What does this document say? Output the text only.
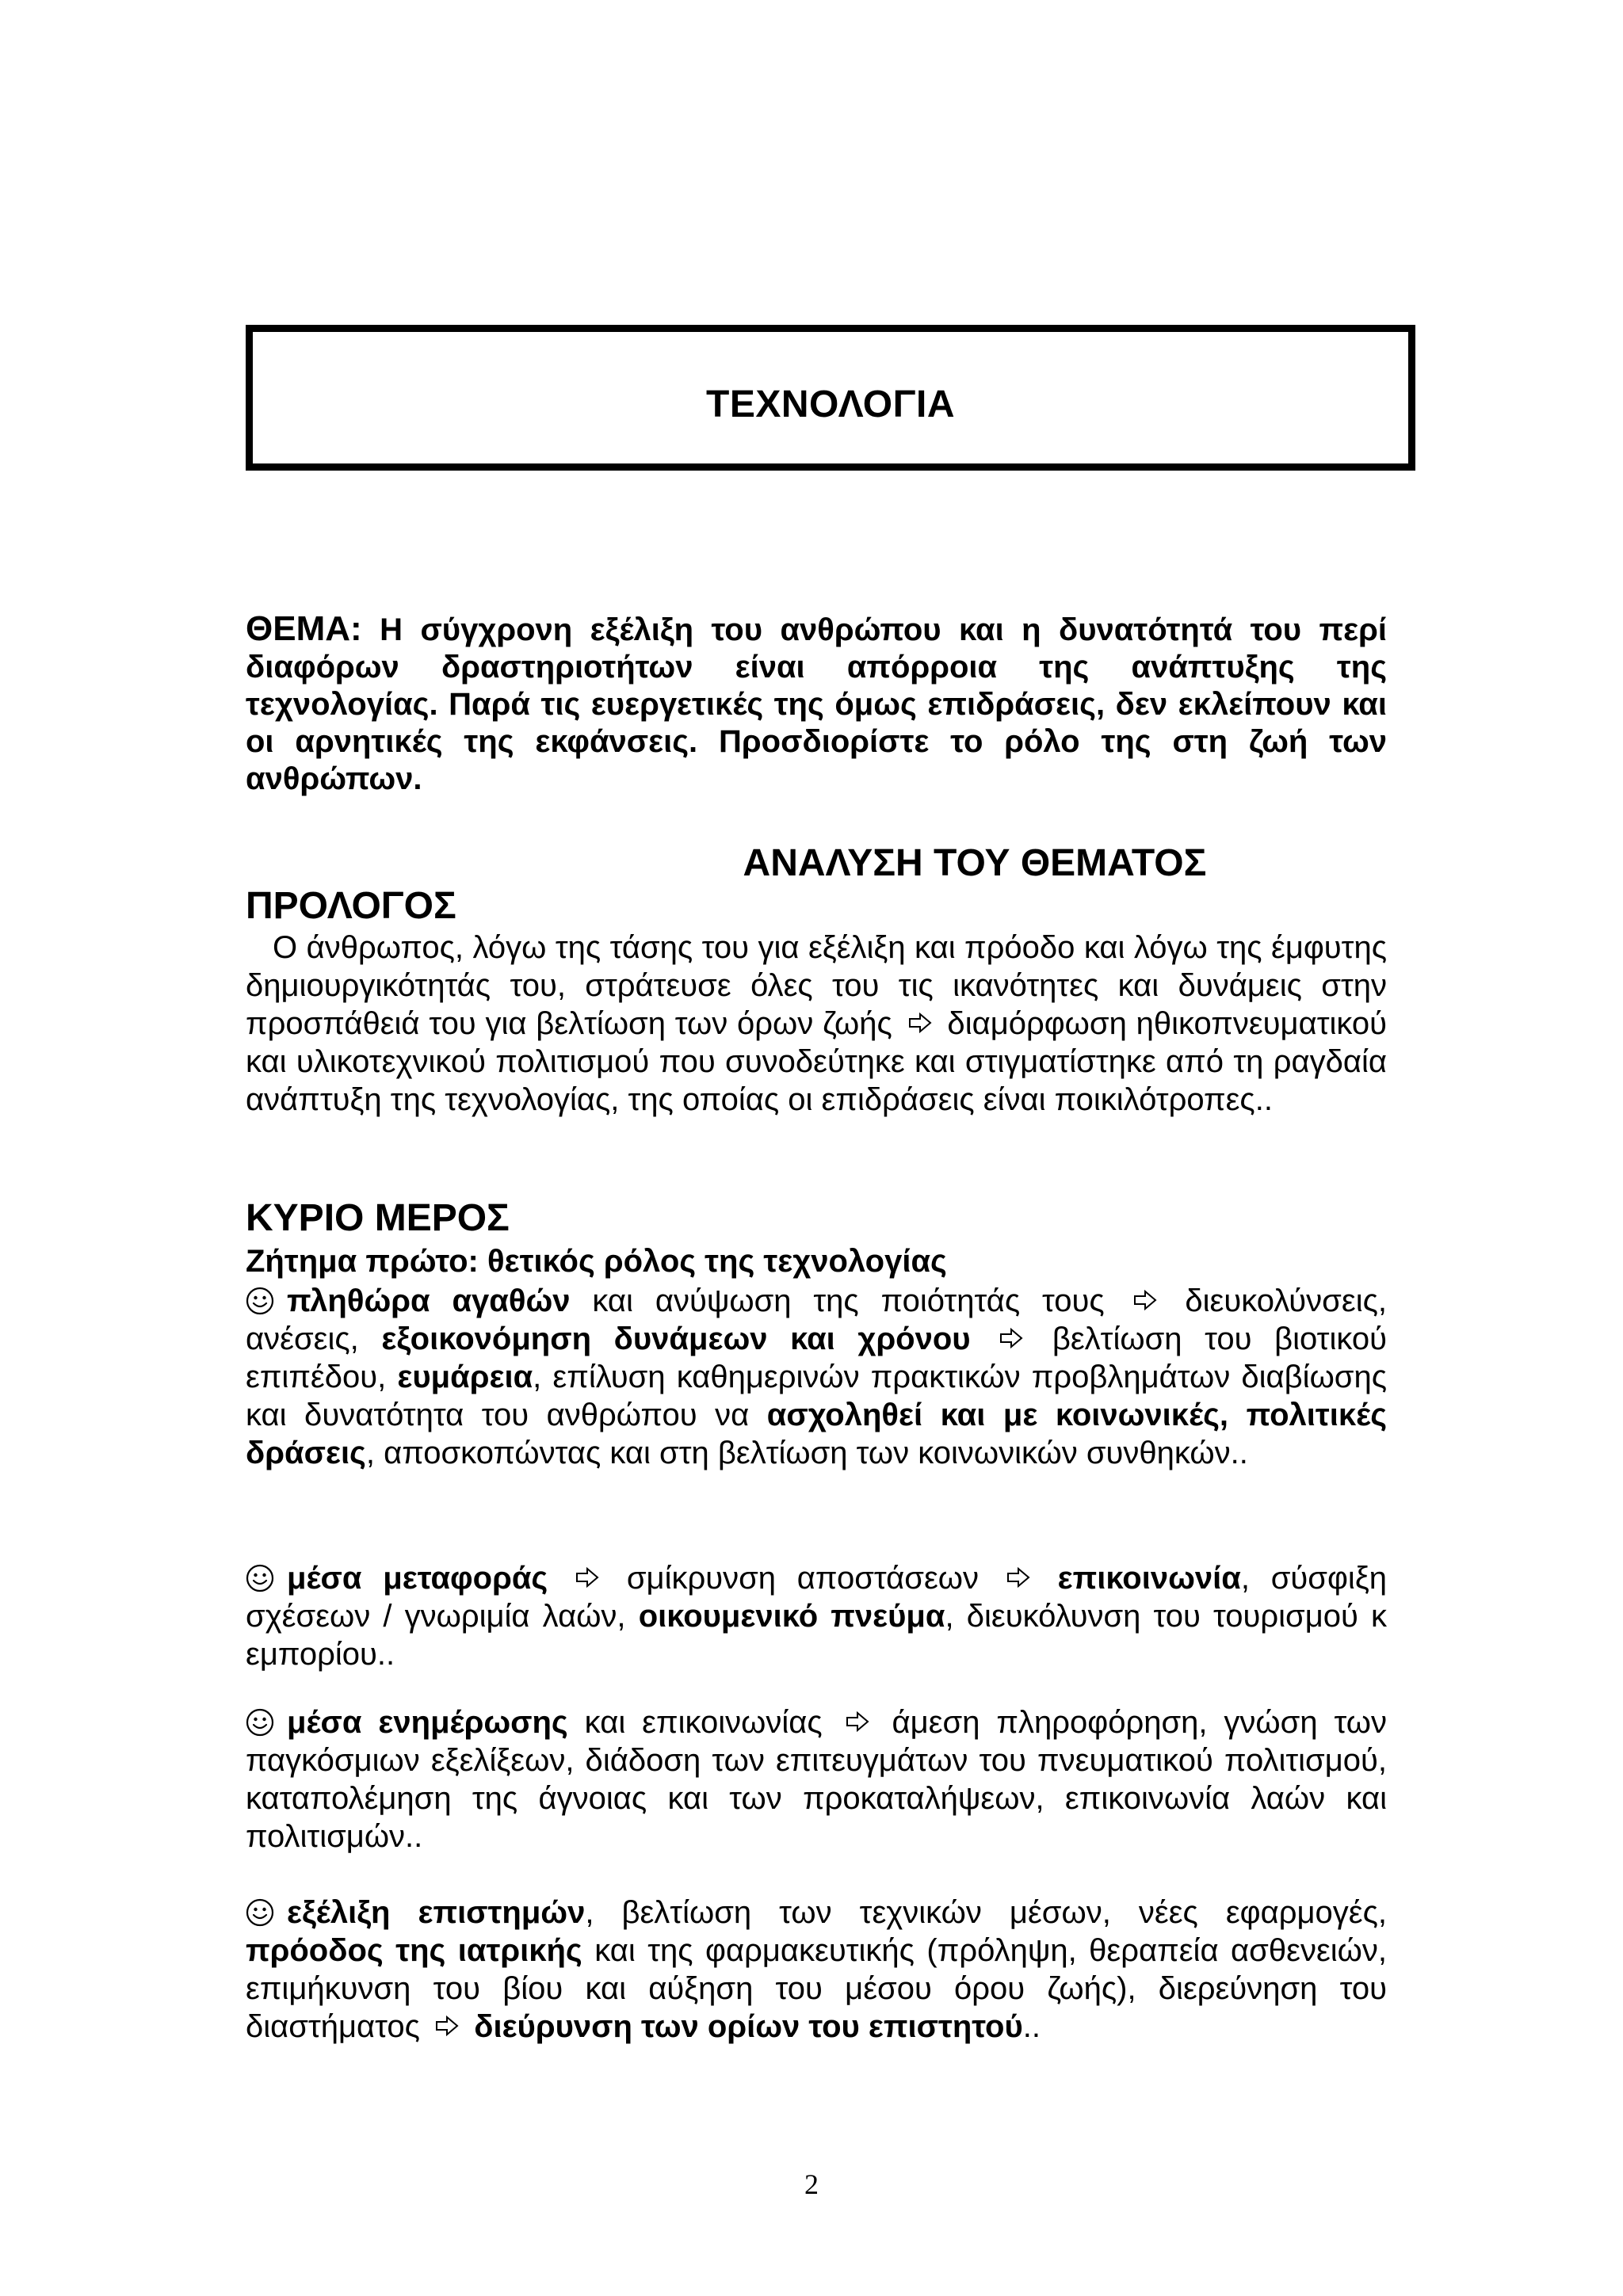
ΤΕΧΝΟΛΟΓΙΑ
ΘΕΜΑ: Η σύγχρονη εξέλιξη του ανθρώπου και η δυνατότητά του περί διαφόρων δραστηριοτήτων είναι απόρροια της ανάπτυξης της τεχνολογίας. Παρά τις ευεργετικές της όμως επιδράσεις, δεν εκλείπουν και οι αρνητικές της εκφάνσεις. Προσδιορίστε το ρόλο της στη ζωή των ανθρώπων.
ΑΝΑΛΥΣΗ ΤΟΥ ΘΕΜΑΤΟΣ
ΠΡΟΛΟΓΟΣ
Ο άνθρωπος, λόγω της τάσης του για εξέλιξη και πρόοδο και λόγω της έμφυτης δημιουργικότητάς του, στράτευσε όλες του τις ικανότητες και δυνάμεις στην προσπάθειά του για βελτίωση των όρων ζωής διαμόρφωση ηθικοπνευματικού και υλικοτεχνικού πολιτισμού που συνοδεύτηκε και στιγματίστηκε από τη ραγδαία ανάπτυξη της τεχνολογίας, της οποίας οι επιδράσεις είναι ποικιλότροπες..
ΚΥΡΙΟ ΜΕΡΟΣ
Ζήτημα πρώτο: θετικός ρόλος της τεχνολογίας
πληθώρα αγαθών και ανύψωση της ποιότητάς τους	διευκολύνσεις, ανέσεις, εξοικονόμηση δυνάμεων και χρόνου	βελτίωση του βιοτικού επιπέδου, ευμάρεια, επίλυση καθημερινών πρακτικών προβλημάτων διαβίωσης και δυνατότητα του ανθρώπου να ασχοληθεί και με κοινωνικές, πολιτικές δράσεις, αποσκοπώντας και στη βελτίωση των κοινωνικών συνθηκών..
μέσα μεταφοράς σμίκρυνση αποστάσεων επικοινωνία, σύσφιξη σχέσεων / γνωριμία λαών, οικουμενικό πνεύμα, διευκόλυνση του τουρισμού κ εμπορίου..
μέσα ενημέρωσης και επικοινωνίας άμεση πληροφόρηση, γνώση των παγκόσμιων εξελίξεων, διάδοση των επιτευγμάτων του πνευματικού πολιτισμού, καταπολέμηση της άγνοιας και των προκαταλήψεων, επικοινωνία λαών και πολιτισμών..
εξέλιξη επιστημών, βελτίωση των τεχνικών μέσων, νέες εφαρμογές, πρόοδος της ιατρικής και της φαρμακευτικής (πρόληψη, θεραπεία ασθενειών, επιμήκυνση του βίου και αύξηση του μέσου όρου ζωής), διερεύνηση του διαστήματος διεύρυνση των ορίων του επιστητού..
2
